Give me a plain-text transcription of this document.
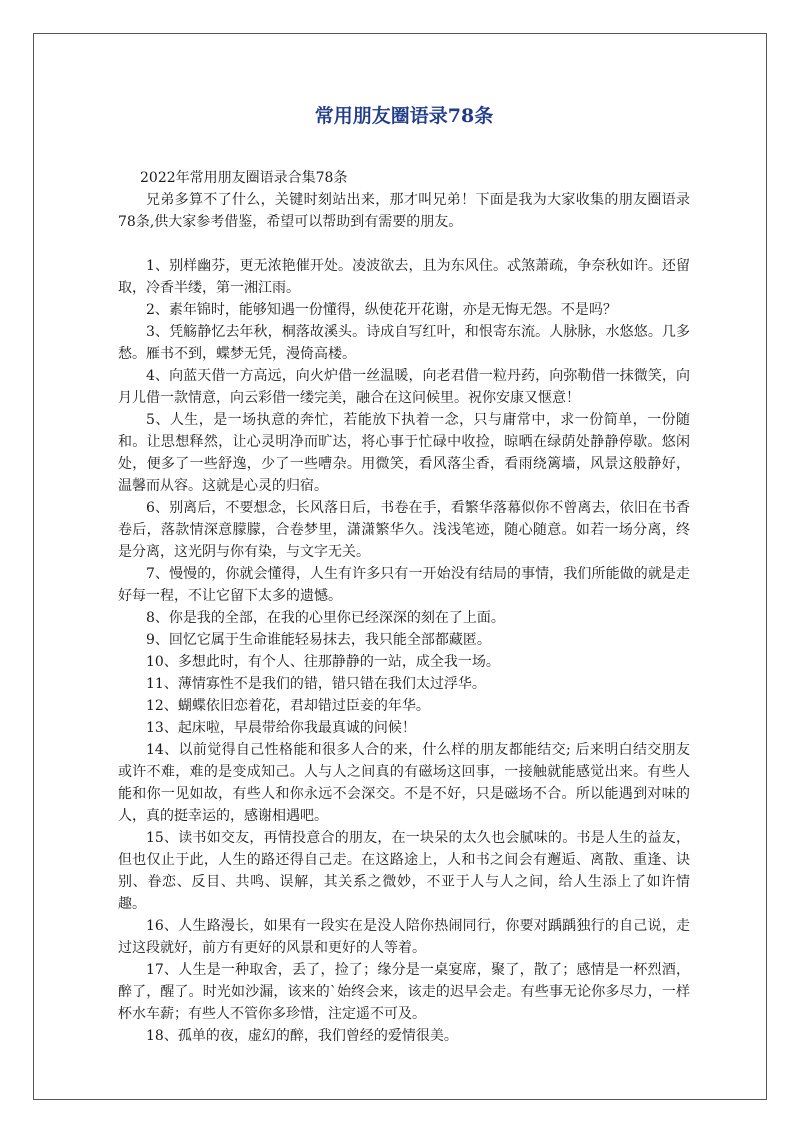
常用朋友圈语录78条
2022年常用朋友圈语录合集78条

兄弟多算不了什么，关键时刻站出来，那才叫兄弟！下面是我为大家收集的朋友圈语录78条,供大家参考借鉴，希望可以帮助到有需要的朋友。

1、别样幽芬，更无浓艳催开处。凌波欲去，且为东风住。忒煞萧疏，争奈秋如许。还留取，冷香半缕，第一湘江雨。

2、素年锦时，能够知遇一份懂得，纵使花开花谢，亦是无悔无怨。不是吗？

3、凭觞静忆去年秋，桐落故溪头。诗成自写红叶，和恨寄东流。人脉脉，水悠悠。几多愁。雁书不到，蝶梦无凭，漫倚高楼。

4、向蓝天借一方高远，向火炉借一丝温暖，向老君借一粒丹药，向弥勒借一抹微笑，向月儿借一款情意，向云彩借一缕完美，融合在这问候里。祝你安康又惬意！

5、人生，是一场执意的奔忙，若能放下执着一念，只与庸常中，求一份简单，一份随和。让思想释然，让心灵明净而旷达，将心事于忙碌中收捡，晾晒在绿荫处静静停歇。悠闲处，便多了一些舒逸，少了一些嘈杂。用微笑，看风落尘香，看雨绕篱墙，风景这般静好，温馨而从容。这就是心灵的归宿。

6、别离后，不要想念，长风落日后，书卷在手，看繁华落幕似你不曾离去，依旧在书香卷后，落款情深意朦朦，合卷梦里，潇潇繁华久。浅浅笔迹，随心随意。如若一场分离，终是分离，这光阴与你有染，与文字无关。

7、慢慢的，你就会懂得，人生有许多只有一开始没有结局的事情，我们所能做的就是走好每一程，不让它留下太多的遗憾。

8、你是我的全部，在我的心里你已经深深的刻在了上面。

9、回忆它属于生命谁能轻易抹去，我只能全部都藏匿。

10、多想此时，有个人、往那静静的一站，成全我一场。

11、薄情寡性不是我们的错，错只错在我们太过浮华。

12、蝴蝶依旧恋着花，君却错过臣妾的年华。

13、起床啦，早晨带给你我最真诚的问候！

14、以前觉得自己性格能和很多人合的来，什么样的朋友都能结交; 后来明白结交朋友或许不难，难的是变成知己。人与人之间真的有磁场这回事，一接触就能感觉出来。有些人能和你一见如故，有些人和你永远不会深交。不是不好，只是磁场不合。所以能遇到对味的人，真的挺幸运的，感谢相遇吧。

15、读书如交友，再情投意合的朋友，在一块呆的太久也会腻味的。书是人生的益友，但也仅止于此，人生的路还得自己走。在这路途上，人和书之间会有邂逅、离散、重逢、诀别、眷恋、反目、共鸣、误解，其关系之微妙，不亚于人与人之间，给人生添上了如许情趣。

16、人生路漫长，如果有一段实在是没人陪你热闹同行，你要对踽踽独行的自己说，走过这段就好，前方有更好的风景和更好的人等着。

17、人生是一种取舍，丢了，捡了；缘分是一桌宴席，聚了，散了；感情是一杯烈酒，醉了，醒了。时光如沙漏，该来的`始终会来，该走的迟早会走。有些事无论你多尽力，一样杯水车薪；有些人不管你多珍惜，注定遥不可及。

18、孤单的夜，虚幻的醉，我们曾经的爱情很美。
